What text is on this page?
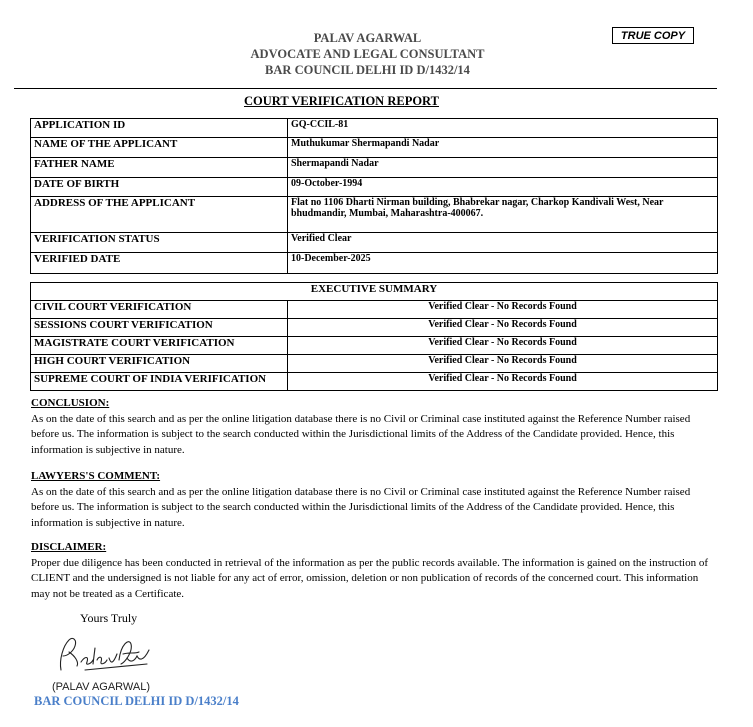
PALAV AGARWAL
ADVOCATE AND LEGAL CONSULTANT
BAR COUNCIL DELHI ID D/1432/14
TRUE COPY
COURT VERIFICATION REPORT
APPLICATION ID	GQ-CCIL-81
NAME OF THE APPLICANT	Muthukumar Shermapandi Nadar
FATHER NAME	Shermapandi Nadar
DATE OF BIRTH	09-October-1994
ADDRESS OF THE APPLICANT	Flat no 1106 Dharti Nirman building, Bhabrekar nagar, Charkop Kandivali West, Near bhudmandir, Mumbai, Maharashtra-400067.
VERIFICATION STATUS	Verified Clear
VERIFIED DATE	10-December-2025
EXECUTIVE SUMMARY	
CIVIL COURT VERIFICATION	Verified Clear - No Records Found
SESSIONS COURT VERIFICATION	Verified Clear - No Records Found
MAGISTRATE COURT VERIFICATION	Verified Clear - No Records Found
HIGH COURT VERIFICATION	Verified Clear - No Records Found
SUPREME COURT OF INDIA VERIFICATION	Verified Clear - No Records Found
CONCLUSION:
As on the date of this search and as per the online litigation database there is no Civil or Criminal case instituted against the Reference Number raised before us. The information is subject to the search conducted within the Jurisdictional limits of the Address of the Candidate provided. Hence, this information is subjective in nature.
LAWYERS'S COMMENT:
As on the date of this search and as per the online litigation database there is no Civil or Criminal case instituted against the Reference Number raised before us. The information is subject to the search conducted within the Jurisdictional limits of the Address of the Candidate provided. Hence, this information is subjective in nature.
DISCLAIMER:
Proper due diligence has been conducted in retrieval of the information as per the public records available. The information is gained on the instruction of CLIENT and the undersigned is not liable for any act of error, omission, deletion or non publication of records of the concerned court. This information may not be treated as a Certificate.
Yours Truly
(PALAV AGARWAL)
BAR COUNCIL DELHI ID D/1432/14
